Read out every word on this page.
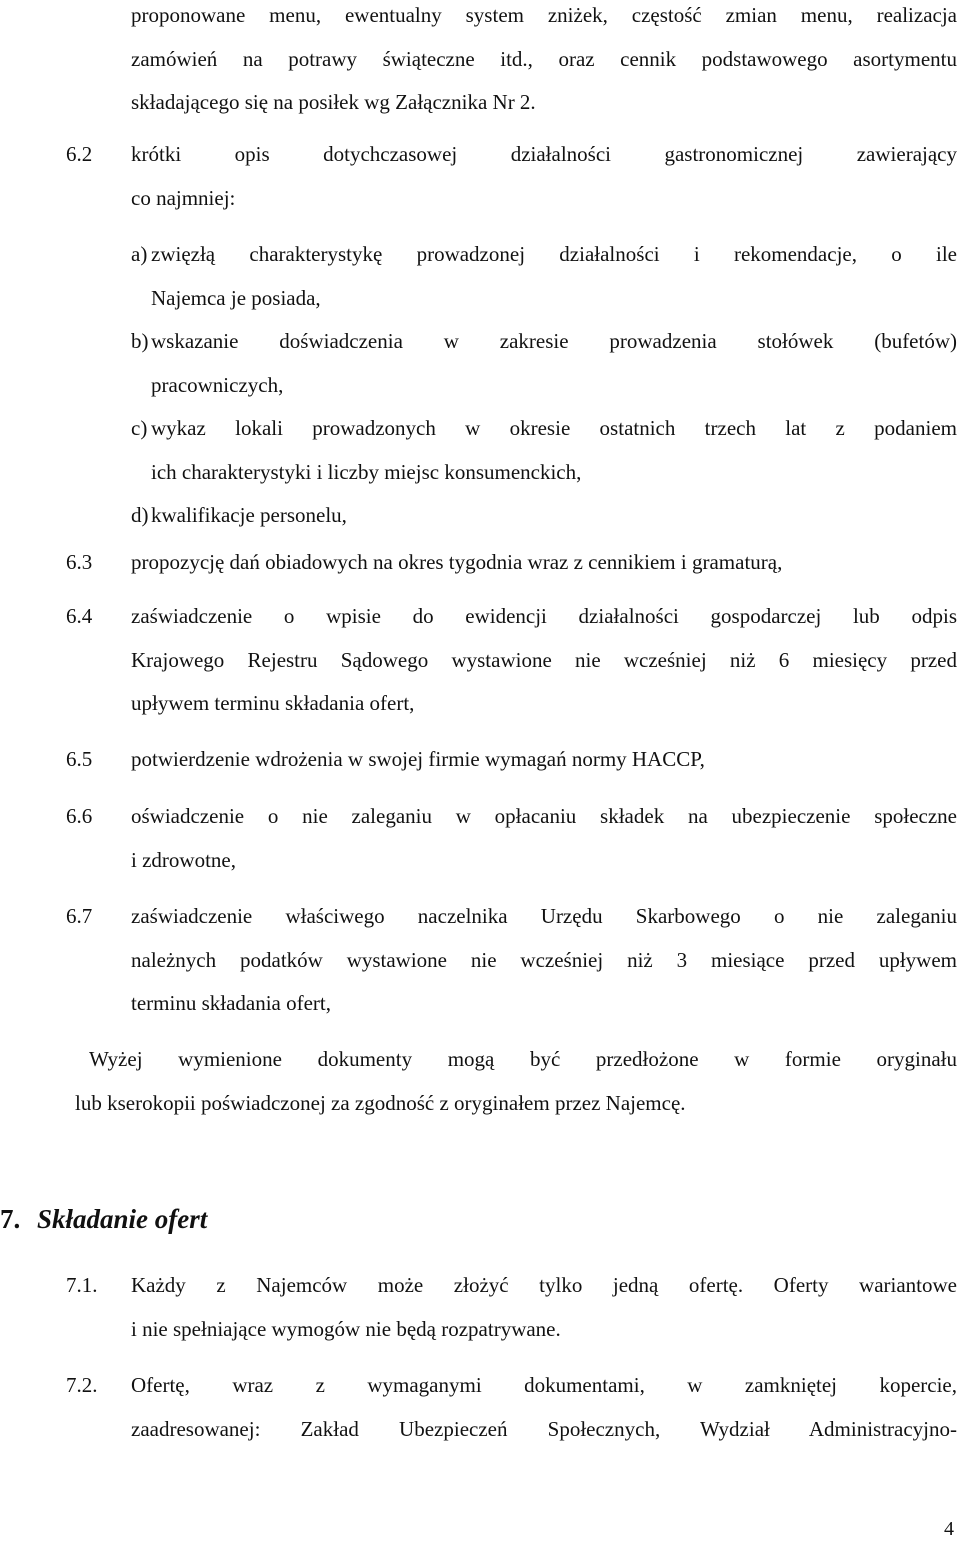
proponowane menu, ewentualny system zniżek, częstość zmian menu, realizacja
zamówień na potrawy świąteczne itd., oraz cennik podstawowego asortymentu
składającego się na posiłek wg Załącznika Nr 2.
6.2 krótki opis dotychczasowej działalności gastronomicznej zawierający
co najmniej:
a) zwięzłą charakterystykę prowadzonej działalności i rekomendacje, o ile
Najemca je posiada,
b) wskazanie doświadczenia w zakresie prowadzenia stołówek (bufetów)
pracowniczych,
c) wykaz lokali prowadzonych w okresie ostatnich trzech lat z podaniem
ich charakterystyki i liczby miejsc konsumenckich,
d) kwalifikacje personelu,
6.3 propozycję dań obiadowych na okres tygodnia wraz z cennikiem i gramaturą,
6.4 zaświadczenie o wpisie do ewidencji działalności gospodarczej lub odpis
Krajowego Rejestru Sądowego wystawione nie wcześniej niż 6 miesięcy przed
upływem terminu składania ofert,
6.5 potwierdzenie wdrożenia w swojej firmie wymagań normy HACCP,
6.6 oświadczenie o nie zaleganiu w opłacaniu składek na ubezpieczenie społeczne
i zdrowotne,
6.7 zaświadczenie właściwego naczelnika Urzędu Skarbowego o nie zaleganiu
należnych podatków wystawione nie wcześniej niż 3 miesiące przed upływem
terminu składania ofert,
Wyżej wymienione dokumenty mogą być przedłożone w formie oryginału
lub kserokopii poświadczonej za zgodność z oryginałem przez Najemcę.
7. Składanie ofert
7.1. Każdy z Najemców może złożyć tylko jedną ofertę. Oferty wariantowe
i nie spełniające wymogów nie będą rozpatrywane.
7.2. Ofertę, wraz z wymaganymi dokumentami, w zamkniętej kopercie,
zaadresowanej: Zakład Ubezpieczeń Społecznych, Wydział Administracyjno-
4
